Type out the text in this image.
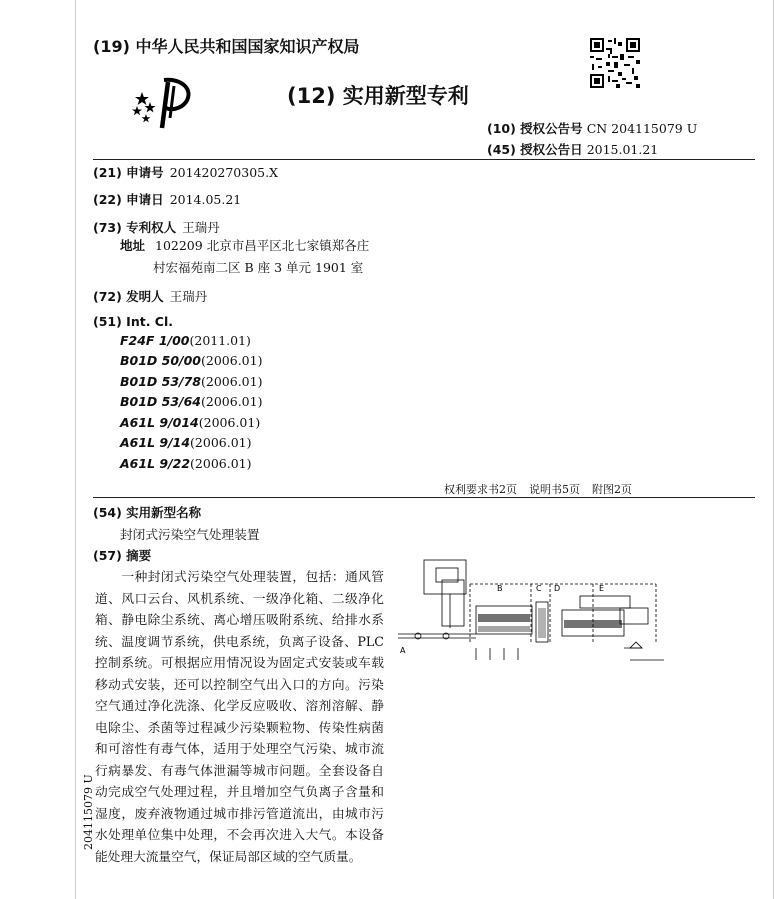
(19) 中华人民共和国国家知识产权局
(12) 实用新型专利
(10) 授权公告号 CN 204115079 U
(45) 授权公告日 2015.01.21
(21) 申请号 201420270305.X
(22) 申请日 2014.05.21
(73) 专利权人 王瑞丹
地址 102209 北京市昌平区北七家镇郑各庄
村宏福苑南二区 B 座 3 单元 1901 室
(72) 发明人 王瑞丹
(51) Int. Cl.
F24F 1/00(2011.01)
B01D 50/00(2006.01)
B01D 53/78(2006.01)
B01D 53/64(2006.01)
A61L 9/014(2006.01)
A61L 9/14(2006.01)
A61L 9/22(2006.01)
权利要求书2页 说明书5页 附图2页
(54) 实用新型名称
封闭式污染空气处理装置
(57) 摘要

一种封闭式污染空气处理装置，包括：通风管道、风口云台、风机系统、一级净化箱、二级净化箱、静电除尘系统、离心增压吸附系统、给排水系统、温度调节系统，供电系统，负离子设备、PLC 控制系统。可根据应用情况设为固定式安装或车载移动式安装，还可以控制空气出入口的方向。污染空气通过净化洗涤、化学反应吸收、溶剂溶解、静电除尘、杀菌等过程减少污染颗粒物、传染性病菌和可溶性有毒气体，适用于处理空气污染、城市流行病暴发、有毒气体泄漏等城市问题。全套设备自动完成空气处理过程，并且增加空气负离子含量和湿度，废弃液物通过城市排污管道流出，由城市污水处理单位集中处理，不会再次进入大气。本设备能处理大流量空气，保证局部区域的空气质量。

B	C D	E
A
204115079 U
